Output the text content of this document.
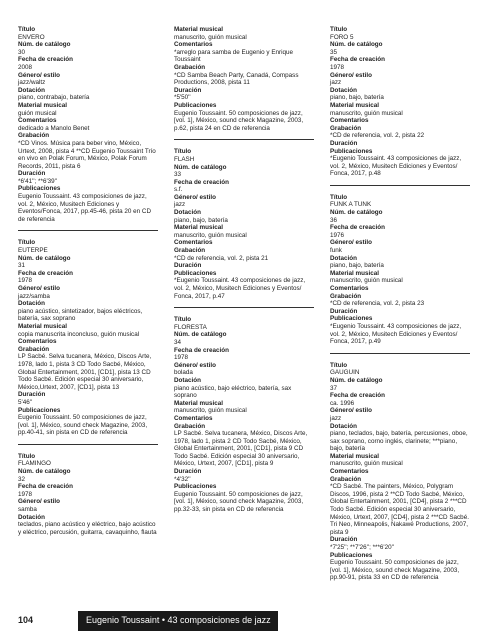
Título
ENVERO
Núm. de catálogo
30
Fecha de creación
2008
Género/ estilo
jazz/waltz
Dotación
piano, contrabajo, batería
Material musical
guión musical
Comentarios
dedicado a Manolo Benet
Grabación
*CD Vinos. Música para beber vino, México, Urtext, 2008, pista 4 **CD Eugenio Toussaint Trío en vivo en Polak Forum, México, Polak Forum Records, 2011, pista 6
Duración
*6'41''; **6'39''
Publicaciones
Eugenio Toussaint. 43 composiciones de jazz, vol. 2, México, Musitech Ediciones y Eventos/Fonca, 2017, pp.45-46, pista 20 en CD de referencia
Título
EUTERPE
Núm. de catálogo
31
Fecha de creación
1978
Género/ estilo
jazz/samba
Dotación
piano acústico, sintetizador, bajos eléctricos, batería, sax soprano
Material musical
copia manuscrita inconcluso, guión musical
Comentarios
Grabación
LP Sacbé. Selva tucanera, México, Discos Arte, 1978, lado 1, pista 3 CD Todo Sacbé, México, Global Entertainment, 2001, [CD1], pista 13 CD Todo Sacbé. Edición especial 30 aniversario, México,Urtext, 2007, [CD1], pista 13
Duración
5'46''
Publicaciones
Eugenio Toussaint. 50 composiciones de jazz, [vol. 1], México, sound check Magazine, 2003, pp.40-41, sin pista en CD de referencia
Título
FLAMINGO
Núm. de catálogo
32
Fecha de creación
1978
Género/ estilo
samba
Dotación
teclados, piano acústico y eléctrico, bajo acústico y eléctrico, percusión, guitarra, cavaquinho, flauta
Material musical
manuscrito, guión musical
Comentarios
*arreglo para samba de Eugenio y Enrique Toussaint
Grabación
*CD Samba Beach Party, Canadá, Compass Productions, 2008, pista 11
Duración
*5'50''
Publicaciones
Eugenio Toussaint. 50 composiciones de jazz, [vol. 1], México, sound check Magazine, 2003, p.62, pista 24 en CD de referencia
Título
FLASH
Núm. de catálogo
33
Fecha de creación
s.f.
Género/ estilo
jazz
Dotación
piano, bajo, batería
Material musical
manuscrito, guión musical
Comentarios
Grabación
*CD de referencia, vol. 2, pista 21
Duración
Publicaciones
*Eugenio Toussaint. 43 composiciones de jazz, vol. 2, México, Musitech Ediciones y Eventos/ Fonca, 2017, p.47
Título
FLORESTA
Núm. de catálogo
34
Fecha de creación
1978
Género/ estilo
bolada
Dotación
piano acústico, bajo eléctrico, batería, sax soprano
Material musical
manuscrito, guión musical
Comentarios
Grabación
LP Sacbé. Selva tucanera, México, Discos Arte, 1978, lado 1, pista 2 CD Todo Sacbé, México, Global Entertainment, 2001, [CD1], pista 9 CD Todo Sacbé. Edición especial 30 aniversario, México, Urtext, 2007, [CD1], pista 9
Duración
*4'32''
Publicaciones
Eugenio Toussaint. 50 composiciones de jazz, [vol. 1], México, sound check Magazine, 2003, pp.32-33, sin pista en CD de referencia
Título
FORO 5
Núm. de catálogo
35
Fecha de creación
1978
Género/ estilo
jazz
Dotación
piano, bajo, batería
Material musical
manuscrito, guión musical
Comentarios
Grabación
*CD de referencia, vol. 2, pista 22
Duración
Publicaciones
*Eugenio Toussaint. 43 composiciones de jazz, vol. 2, México, Musitech Ediciones y Eventos/ Fonca, 2017, p.48
Título
FUNK A TUNK
Núm. de catálogo
36
Fecha de creación
1976
Género/ estilo
funk
Dotación
piano, bajo, batería
Material musical
manuscrito, guión musical
Comentarios
Grabación
*CD de referencia, vol. 2, pista 23
Duración
Publicaciones
*Eugenio Toussaint. 43 composiciones de jazz, vol. 2, México, Musitech Ediciones y Eventos/ Fonca, 2017, p.49
Título
GAUGUIN
Núm. de catálogo
37
Fecha de creación
ca. 1996
Género/ estilo
jazz
Dotación
piano, teclados, bajo, batería, percusiones, oboe, sax soprano, corno inglés, clarinete; ***piano, bajo, batería
Material musical
manuscrito, guión musical
Comentarios
Grabación
*CD Sacbé. The painters, México, Polygram Discos, 1996, pista 2 **CD Todo Sacbé, México, Global Entertainment, 2001, [CD4], pista 2 ***CD Todo Sacbé. Edición especial 30 aniversario, México, Urtext, 2007, [CD4], pista 2 ***CD Sacbé. Tri Neo, Minneapolis, Nakawé Productions, 2007, pista 9
Duración
*7'25''; **7'26''; ***6'20''
Publicaciones
Eugenio Toussaint. 50 composiciones de jazz, [vol. 1], México, sound check Magazine, 2003, pp.90-91, pista 33 en CD de referencia
104	Eugenio Toussaint • 43 composiciones de jazz
